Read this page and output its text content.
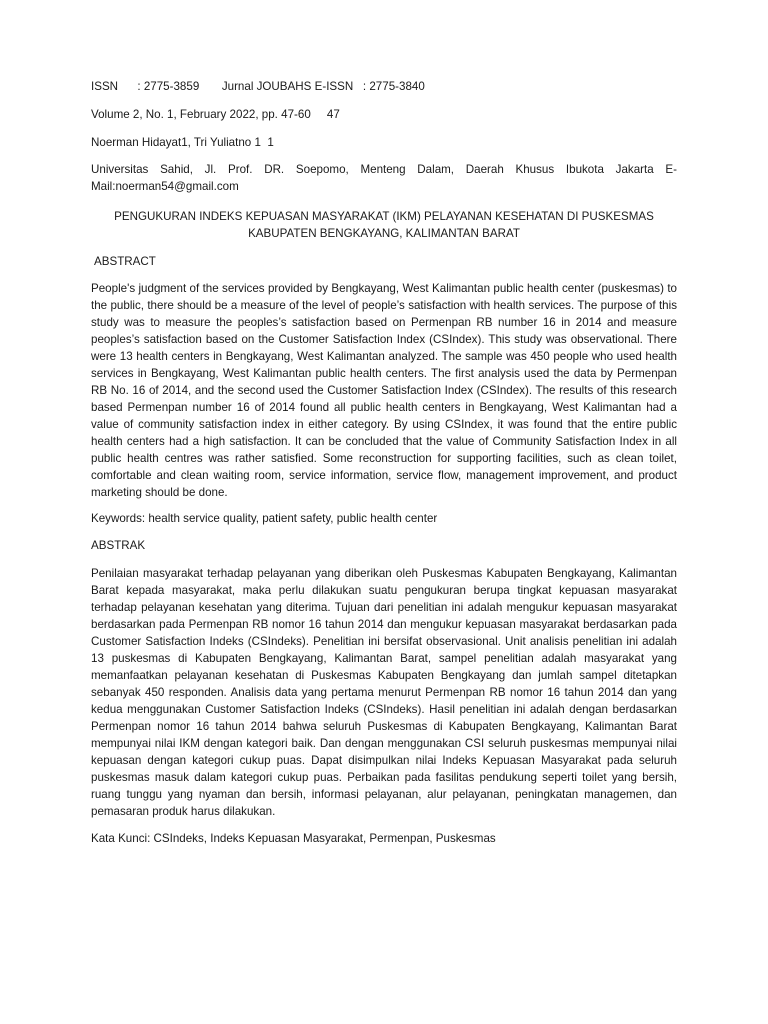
ISSN      : 2775-3859       Jurnal JOUBAHS E-ISSN   : 2775-3840

Volume 2, No. 1, February 2022, pp. 47-60     47

Noerman Hidayat1, Tri Yuliatno 1  1

Universitas Sahid, Jl. Prof. DR. Soepomo, Menteng Dalam, Daerah Khusus Ibukota Jakarta E-Mail:noerman54@gmail.com

PENGUKURAN INDEKS KEPUASAN MASYARAKAT (IKM) PELAYANAN KESEHATAN DI PUSKESMAS KABUPATEN BENGKAYANG, KALIMANTAN BARAT

ABSTRACT

People's judgment of the services provided by Bengkayang, West Kalimantan public health center (puskesmas) to the public, there should be a measure of the level of people’s satisfaction with health services. The purpose of this study was to measure the peoples’s satisfaction based on Permenpan RB number 16 in 2014 and measure peoples’s satisfaction based on the Customer Satisfaction Index (CSIndex). This study was observational. There were 13 health centers in Bengkayang, West Kalimantan analyzed. The sample was 450 people who used health services in Bengkayang, West Kalimantan public health centers. The first analysis used the data by Permenpan RB No. 16 of 2014, and the second used the Customer Satisfaction Index (CSIndex). The results of this research based Permenpan number 16 of 2014 found all public health centers in Bengkayang, West Kalimantan had a value of community satisfaction index in either category. By using CSIndex, it was found that the entire public health centers had a high satisfaction. It can be concluded that the value of Community Satisfaction Index in all public health centres was rather satisfied. Some reconstruction for supporting facilities, such as clean toilet, comfortable and clean waiting room, service information, service flow, management improvement, and product marketing should be done.

Keywords: health service quality, patient safety, public health center

ABSTRAK

Penilaian masyarakat terhadap pelayanan yang diberikan oleh Puskesmas Kabupaten Bengkayang, Kalimantan Barat kepada masyarakat, maka perlu dilakukan suatu pengukuran berupa tingkat kepuasan masyarakat terhadap pelayanan kesehatan yang diterima. Tujuan dari penelitian ini adalah mengukur kepuasan masyarakat berdasarkan pada Permenpan RB nomor 16 tahun 2014 dan mengukur kepuasan masyarakat berdasarkan pada Customer Satisfaction Indeks (CSIndeks). Penelitian ini bersifat observasional. Unit analisis penelitian ini adalah 13 puskesmas di Kabupaten Bengkayang, Kalimantan Barat, sampel penelitian adalah masyarakat yang memanfaatkan pelayanan kesehatan di Puskesmas Kabupaten Bengkayang dan jumlah sampel ditetapkan sebanyak 450 responden. Analisis data yang pertama menurut Permenpan RB nomor 16 tahun 2014 dan yang kedua menggunakan Customer Satisfaction Indeks (CSIndeks). Hasil penelitian ini adalah dengan berdasarkan Permenpan nomor 16 tahun 2014 bahwa seluruh Puskesmas di Kabupaten Bengkayang, Kalimantan Barat mempunyai nilai IKM dengan kategori baik. Dan dengan menggunakan CSI seluruh puskesmas mempunyai nilai kepuasan dengan kategori cukup puas. Dapat disimpulkan nilai Indeks Kepuasan Masyarakat pada seluruh puskesmas masuk dalam kategori cukup puas. Perbaikan pada fasilitas pendukung seperti toilet yang bersih, ruang tunggu yang nyaman dan bersih, informasi pelayanan, alur pelayanan, peningkatan managemen, dan pemasaran produk harus dilakukan.

Kata Kunci: CSIndeks, Indeks Kepuasan Masyarakat, Permenpan, Puskesmas
